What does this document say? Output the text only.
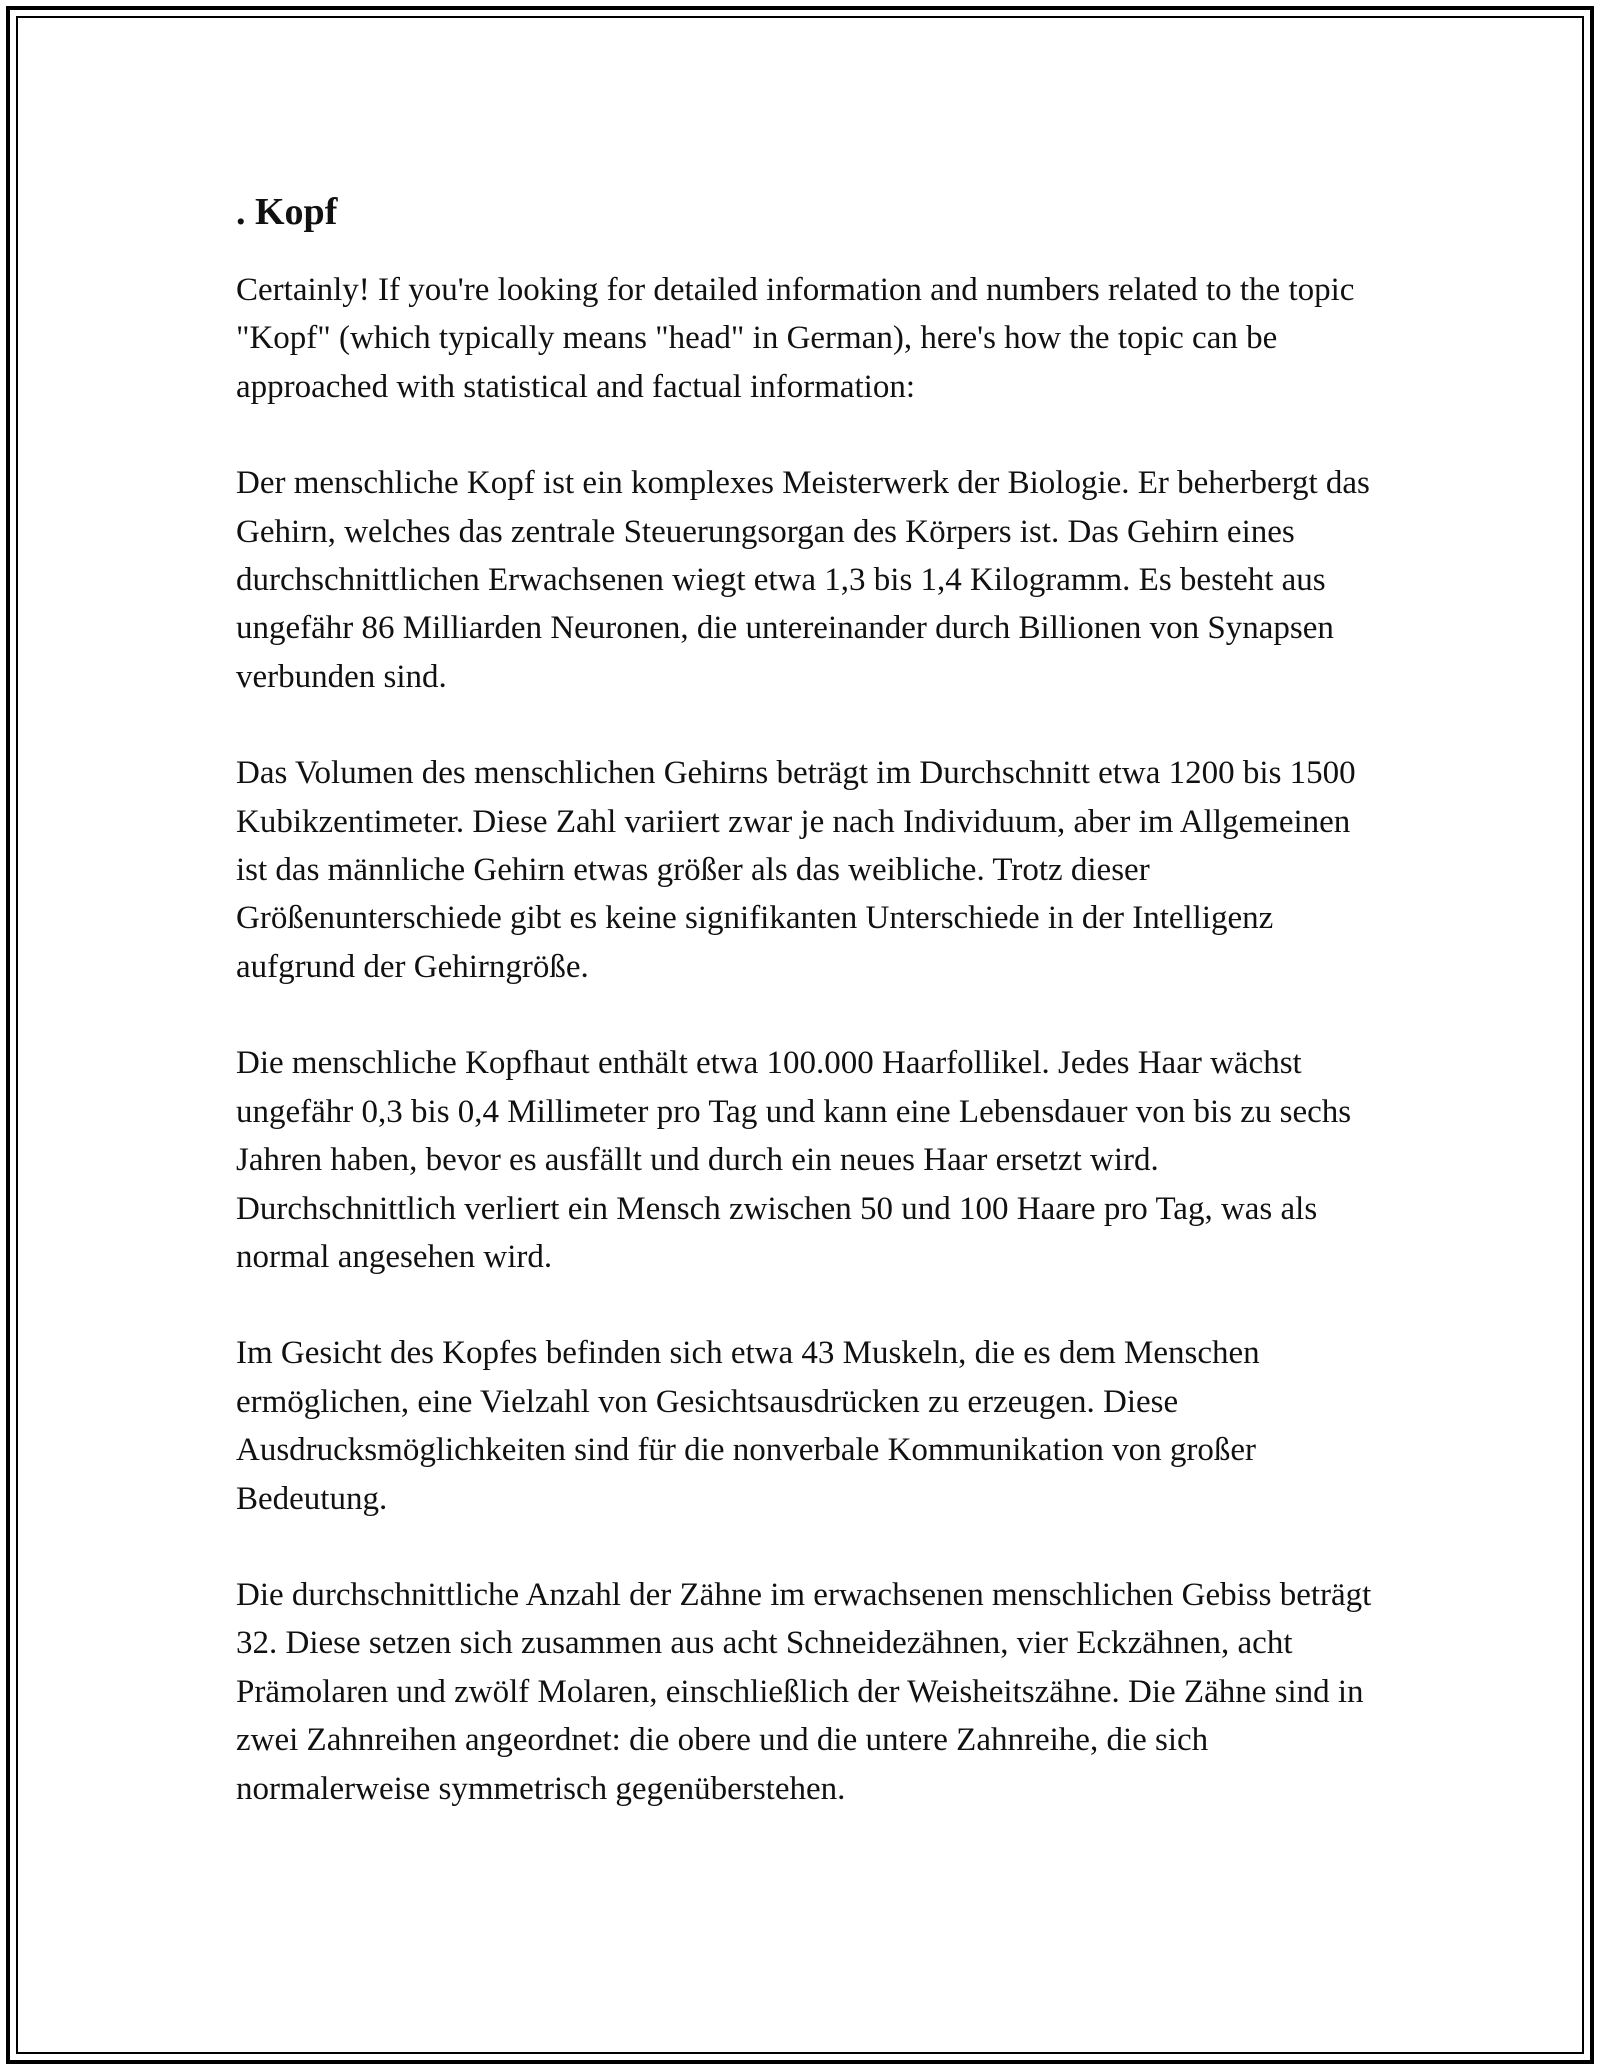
. Kopf

Certainly! If you're looking for detailed information and numbers related to the topic "Kopf" (which typically means "head" in German), here's how the topic can be approached with statistical and factual information:

Der menschliche Kopf ist ein komplexes Meisterwerk der Biologie. Er beherbergt das Gehirn, welches das zentrale Steuerungsorgan des Körpers ist. Das Gehirn eines durchschnittlichen Erwachsenen wiegt etwa 1,3 bis 1,4 Kilogramm. Es besteht aus ungefähr 86 Milliarden Neuronen, die untereinander durch Billionen von Synapsen verbunden sind.

Das Volumen des menschlichen Gehirns beträgt im Durchschnitt etwa 1200 bis 1500 Kubikzentimeter. Diese Zahl variiert zwar je nach Individuum, aber im Allgemeinen ist das männliche Gehirn etwas größer als das weibliche. Trotz dieser Größenunterschiede gibt es keine signifikanten Unterschiede in der Intelligenz aufgrund der Gehirngröße.

Die menschliche Kopfhaut enthält etwa 100.000 Haarfollikel. Jedes Haar wächst ungefähr 0,3 bis 0,4 Millimeter pro Tag und kann eine Lebensdauer von bis zu sechs Jahren haben, bevor es ausfällt und durch ein neues Haar ersetzt wird. Durchschnittlich verliert ein Mensch zwischen 50 und 100 Haare pro Tag, was als normal angesehen wird.

Im Gesicht des Kopfes befinden sich etwa 43 Muskeln, die es dem Menschen ermöglichen, eine Vielzahl von Gesichtsausdrücken zu erzeugen. Diese Ausdrucksmöglichkeiten sind für die nonverbale Kommunikation von großer Bedeutung.

Die durchschnittliche Anzahl der Zähne im erwachsenen menschlichen Gebiss beträgt 32. Diese setzen sich zusammen aus acht Schneidezähnen, vier Eckzähnen, acht Prämolaren und zwölf Molaren, einschließlich der Weisheitszähne. Die Zähne sind in zwei Zahnreihen angeordnet: die obere und die untere Zahnreihe, die sich normalerweise symmetrisch gegenüberstehen.
